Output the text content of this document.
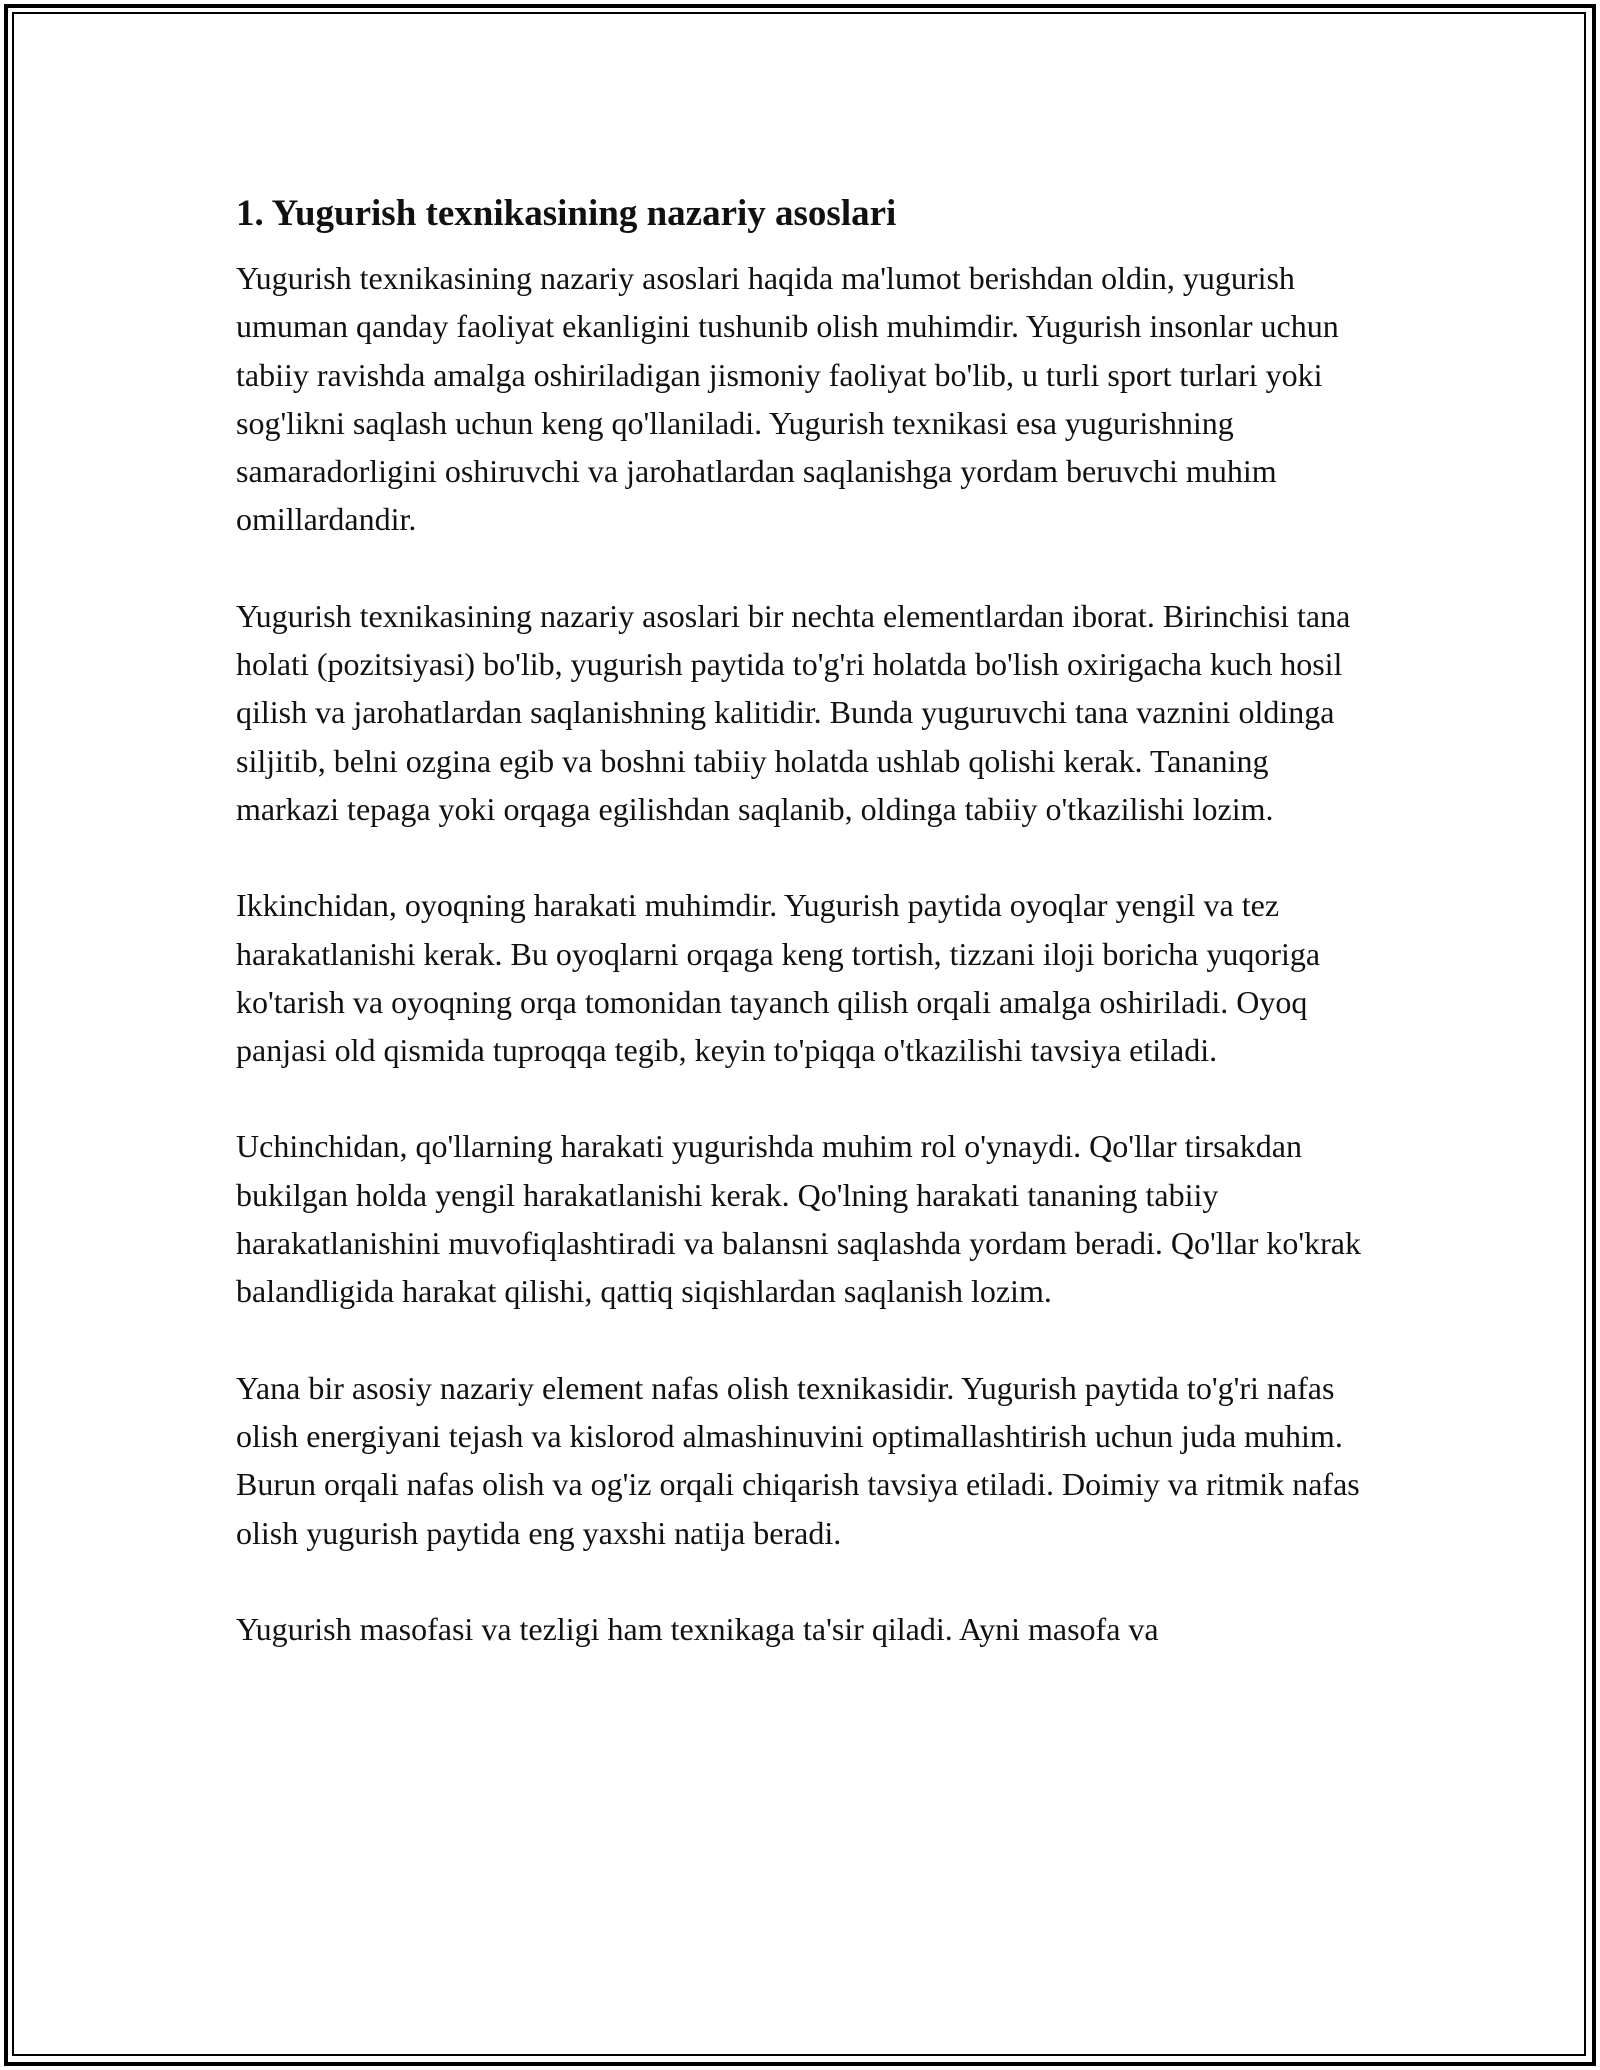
1. Yugurish texnikasining nazariy asoslari

Yugurish texnikasining nazariy asoslari haqida ma'lumot berishdan oldin, yugurish umuman qanday faoliyat ekanligini tushunib olish muhimdir. Yugurish insonlar uchun tabiiy ravishda amalga oshiriladigan jismoniy faoliyat bo'lib, u turli sport turlari yoki sog'likni saqlash uchun keng qo'llaniladi. Yugurish texnikasi esa yugurishning samaradorligini oshiruvchi va jarohatlardan saqlanishga yordam beruvchi muhim omillardandir.

Yugurish texnikasining nazariy asoslari bir nechta elementlardan iborat. Birinchisi tana holati (pozitsiyasi) bo'lib, yugurish paytida to'g'ri holatda bo'lish oxirigacha kuch hosil qilish va jarohatlardan saqlanishning kalitidir. Bunda yuguruvchi tana vaznini oldinga siljitib, belni ozgina egib va boshni tabiiy holatda ushlab qolishi kerak. Tananing markazi tepaga yoki orqaga egilishdan saqlanib, oldinga tabiiy o'tkazilishi lozim.

Ikkinchidan, oyoqning harakati muhimdir. Yugurish paytida oyoqlar yengil va tez harakatlanishi kerak. Bu oyoqlarni orqaga keng tortish, tizzani iloji boricha yuqoriga ko'tarish va oyoqning orqa tomonidan tayanch qilish orqali amalga oshiriladi. Oyoq panjasi old qismida tuproqqa tegib, keyin to'piqqa o'tkazilishi tavsiya etiladi.

Uchinchidan, qo'llarning harakati yugurishda muhim rol o'ynaydi. Qo'llar tirsakdan bukilgan holda yengil harakatlanishi kerak. Qo'lning harakati tananing tabiiy harakatlanishini muvofiqlashtiradi va balansni saqlashda yordam beradi. Qo'llar ko'krak balandligida harakat qilishi, qattiq siqishlardan saqlanish lozim.

Yana bir asosiy nazariy element nafas olish texnikasidir. Yugurish paytida to'g'ri nafas olish energiyani tejash va kislorod almashinuvini optimallashtirish uchun juda muhim. Burun orqali nafas olish va og'iz orqali chiqarish tavsiya etiladi. Doimiy va ritmik nafas olish yugurish paytida eng yaxshi natija beradi.

Yugurish masofasi va tezligi ham texnikaga ta'sir qiladi. Ayni masofa va
